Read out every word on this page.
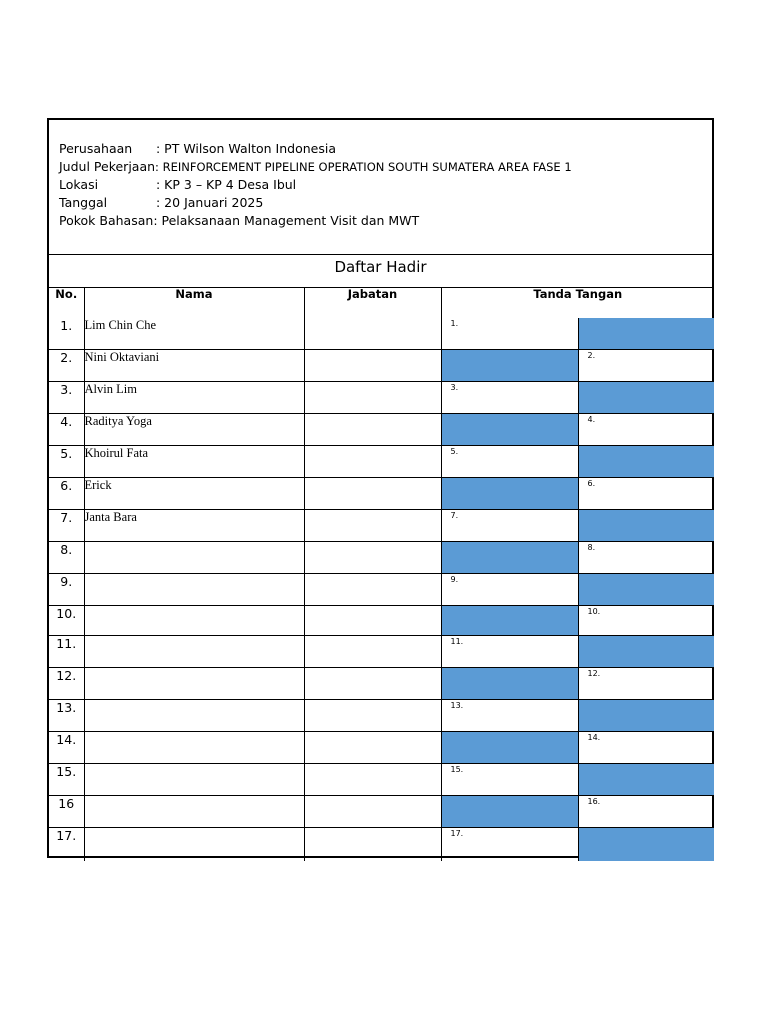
Perusahaan	: PT Wilson Walton Indonesia
Judul Pekerjaan : REINFORCEMENT PIPELINE OPERATION SOUTH SUMATERA AREA FASE 1
Lokasi	: KP 3 – KP 4 Desa Ibul
Tanggal	: 20 Januari 2025
Pokok Bahasan : Pelaksanaan Management Visit dan MWT
Daftar Hadir
No.	Nama	Jabatan	Tanda Tangan	
1.	Lim Chin Che		1.	

2.	Nini Oktaviani			2.

3.	Alvin Lim		3.	

4.	Raditya Yoga			4.

5.	Khoirul Fata		5.	

6.	Erick			6.

7.	Janta Bara		7.	

8.				8.

9.			9.	

10.				10.

11.			11.	

12.				12.

13.			13.	

14.				14.

15.			15.	

16				16.

17.			17.	
